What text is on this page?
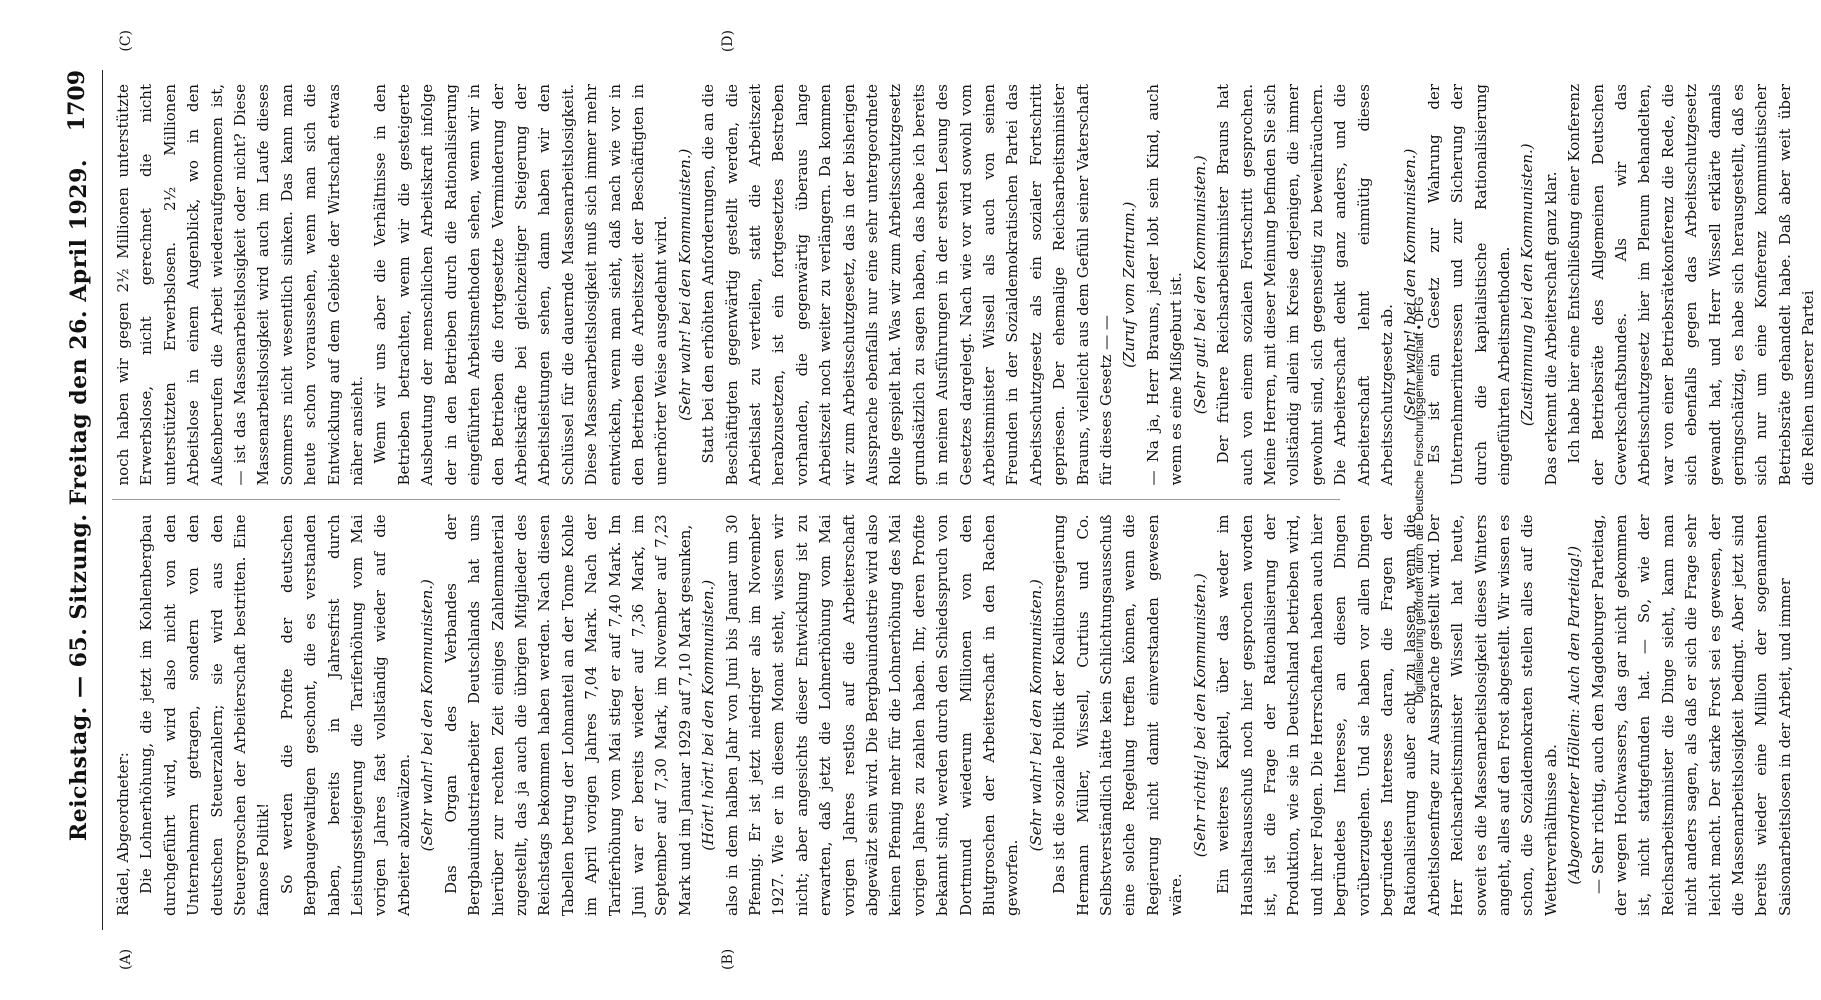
Reichstag. — 65. Sitzung. Freitag den 26. April 1929.
1709
(A)	(B)
(C)	(D)

Rädel, Abgeordneter: Die Lohnerhöhung, die jetzt im Kohlenbergbau durchgeführt wird, wird also nicht von den Unternehmern getragen, sondern von den deutschen Steuerzahlern; sie wird aus den Steuergroschen der Arbeiterschaft bestritten. Eine famose Politik! So werden die Profite der deutschen Bergbaugewaltigen geschont, die es verstanden haben, bereits in Jahresfrist durch Leistungssteigerung die Tariferhöhung vom Mai vorigen Jahres fast vollständig wieder auf die Arbeiter abzuwälzen. (Sehr wahr! bei den Kommunisten.) Das Organ des Verbandes der Bergbauindustriearbeiter Deutschlands hat uns hierüber zur rechten Zeit einiges Zahlenmaterial zugestellt, das ja auch die übrigen Mitglieder des Reichstags bekommen haben werden. Nach diesen Tabellen betrug der Lohnanteil an der Tonne Kohle im April vorigen Jahres 7,04 Mark. Nach der Tariferhöhung vom Mai stieg er auf 7,40 Mark. Im Juni war er bereits wieder auf 7,36 Mark, im September auf 7,30 Mark, im November auf 7,23 Mark und im Januar 1929 auf 7,10 Mark gesunken, (Hört! hört! bei den Kommunisten.) also in dem halben Jahr von Juni bis Januar um 30 Pfennig. Er ist jetzt niedriger als im November 1927. Wie er in diesem Monat steht, wissen wir nicht; aber angesichts dieser Entwicklung ist zu erwarten, daß jetzt die Lohnerhöhung vom Mai vorigen Jahres restlos auf die Arbeiterschaft abgewälzt sein wird. Die Bergbauindustrie wird also keinen Pfennig mehr für die Lohnerhöhung des Mai vorigen Jahres zu zahlen haben. Ihr, deren Profite bekannt sind, werden durch den Schiedsspruch von Dortmund wiederum Millionen von den Blutgroschen der Arbeiterschaft in den Rachen geworfen.

(Sehr wahr! bei den Kommunisten.) Das ist die soziale Politik der Koalitionsregierung Hermann Müller, Wissell, Curtius und Co. Selbstverständlich hätte kein Schlichtungsausschuß eine solche Regelung treffen können, wenn die Regierung nicht damit einverstanden gewesen wäre.

(Sehr richtig! bei den Kommunisten.) Ein weiteres Kapitel, über das weder im Haushaltsausschuß noch hier gesprochen worden ist, ist die Frage der Rationalisierung der Produktion, wie sie in Deutschland betrieben wird, und ihrer Folgen. Die Herrschaften haben auch hier begründetes Interesse, an diesen Dingen vorüberzugehen. Und sie haben vor allen Dingen begründetes Interesse daran, die Fragen der Rationalisierung außer acht zu lassen, wenn die Arbeitslosenfrage zur Aussprache gestellt wird. Der Herr Reichsarbeitsminister Wissell hat heute, soweit es die Massenarbeitslosigkeit dieses Winters angeht, alles auf den Frost abgestellt. Wir wissen es schon, die Sozialdemokraten stellen alles auf die Wetterverhältnisse ab. (Abgeordneter Höllein: Auch den Parteitag!) — Sehr richtig, auch den Magdeburger Parteitag, der wegen Hochwassers, das gar nicht gekommen ist, nicht stattgefunden hat. — So, wie der Reichsarbeitsminister die Dinge sieht, kann man nicht anders sagen, als daß er sich die Frage sehr leicht macht. Der starke Frost sei es gewesen, der die Massenarbeitslosigkeit bedingt. Aber jetzt sind bereits wieder eine Million der sogenannten Saisonarbeitslosen in der Arbeit, und immer

noch haben wir gegen 2½ Millionen unterstützte Erwerbslose, nicht gerechnet die nicht unterstützten Erwerbslosen. 2½ Millionen Arbeitslose in einem Augenblick, wo in den Außenberufen die Arbeit wiederaufgenommen ist, — ist das Massenarbeitslosigkeit oder nicht? Diese Massenarbeitslosigkeit wird auch im Laufe dieses Sommers nicht wesentlich sinken. Das kann man heute schon voraussehen, wenn man sich die Entwicklung auf dem Gebiete der Wirtschaft etwas näher ansieht. Wenn wir uns aber die Verhältnisse in den Betrieben betrachten, wenn wir die gesteigerte Ausbeutung der menschlichen Arbeitskraft infolge der in den Betrieben durch die Rationalisierung eingeführten Arbeitsmethoden sehen, wenn wir in den Betrieben die fortgesetzte Verminderung der Arbeitskräfte bei gleichzeitiger Steigerung der Arbeitsleistungen sehen, dann haben wir den Schlüssel für die dauernde Massenarbeitslosigkeit. Diese Massenarbeitslosigkeit muß sich immer mehr entwickeln, wenn man sieht, daß nach wie vor in den Betrieben die Arbeitszeit der Beschäftigten in unerhörter Weise ausgedehnt wird. (Sehr wahr! bei den Kommunisten.) Statt bei den erhöhten Anforderungen, die an die Beschäftigten gegenwärtig gestellt werden, die Arbeitslast zu verteilen, statt die Arbeitszeit herabzusetzen, ist ein fortgesetztes Bestreben vorhanden, die gegenwärtig überaus lange Arbeitszeit noch weiter zu verlängern. Da kommen wir zum Arbeitsschutzgesetz, das in der bisherigen Aussprache ebenfalls nur eine sehr untergeordnete Rolle gespielt hat. Was wir zum Arbeitsschutzgesetz grundsätzlich zu sagen haben, das habe ich bereits in meinen Ausführungen in der ersten Lesung des Gesetzes dargelegt. Nach wie vor wird sowohl vom Arbeitsminister Wissell als auch von seinen Freunden in der Sozialdemokratischen Partei das Arbeitsschutzgesetz als ein sozialer Fortschritt gepriesen. Der ehemalige Reichsarbeitsminister Brauns, vielleicht aus dem Gefühl seiner Vaterschaft für dieses Gesetz — —

(Zuruf vom Zentrum.) — Na ja, Herr Brauns, jeder lobt sein Kind, auch wenn es eine Mißgeburt ist. (Sehr gut! bei den Kommunisten.) Der frühere Reichsarbeitsminister Brauns hat auch von einem sozialen Fortschritt gesprochen. Meine Herren, mit dieser Meinung befinden Sie sich vollständig allein im Kreise derjenigen, die immer gewohnt sind, sich gegenseitig zu beweihräuchern. Die Arbeiterschaft denkt ganz anders, und die Arbeiterschaft lehnt einmütig dieses Arbeitsschutzgesetz ab. (Sehr wahr! bei den Kommunisten.) Es ist ein Gesetz zur Wahrung der Unternehmerinteressen und zur Sicherung der durch die kapitalistische Rationalisierung eingeführten Arbeitsmethoden. (Zustimmung bei den Kommunisten.) Das erkennt die Arbeiterschaft ganz klar. Ich habe hier eine Entschließung einer Konferenz der Betriebsräte des Allgemeinen Deutschen Gewerkschaftsbundes. Als wir das Arbeitsschutzgesetz hier im Plenum behandelten, war von einer Betriebsrätekonferenz die Rede, die sich ebenfalls gegen das Arbeitsschutzgesetz gewandt hat, und Herr Wissell erklärte damals geringschätzig, es habe sich herausgestellt, daß es sich nur um eine Konferenz kommunistischer Betriebsräte gehandelt habe. Daß aber weit über die Reihen unserer Partei

Digitalisierung gefördert durch die Deutsche Forschungsgemeinschaft • DFG
